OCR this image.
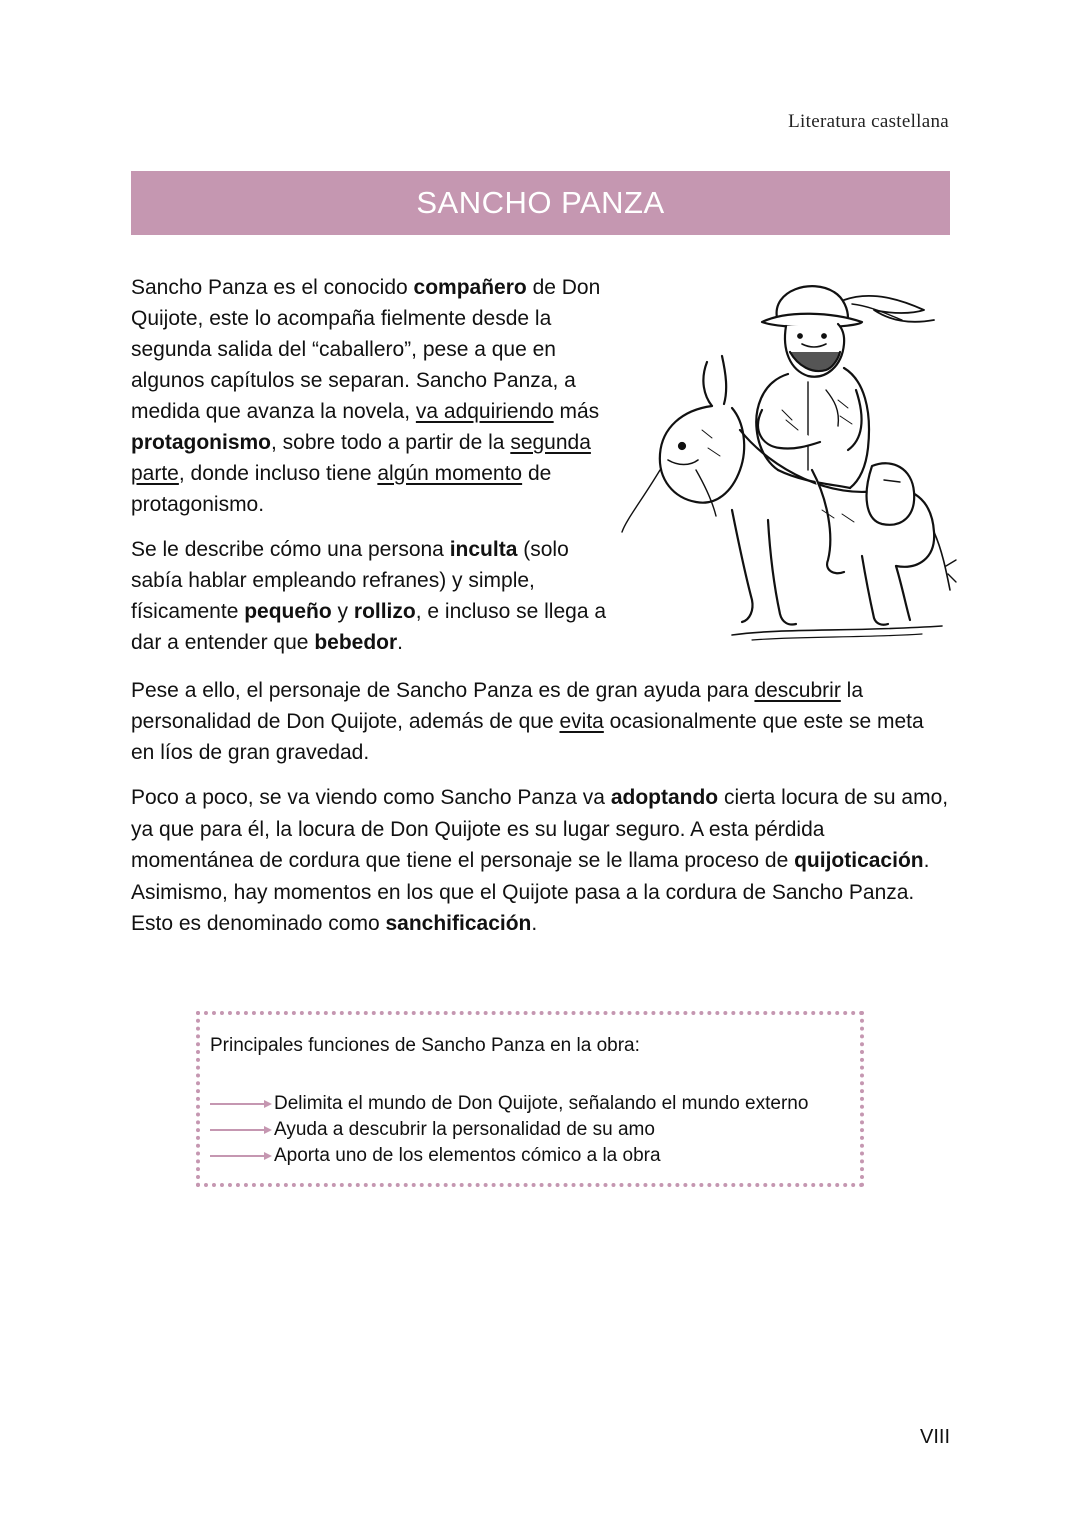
Literatura castellana
SANCHO PANZA

Sancho Panza es el conocido compañero de Don Quijote, este lo acompaña fielmente desde la segunda salida del “caballero”, pese a que en algunos capítulos se separan. Sancho Panza, a medida que avanza la novela, va adquiriendo más protagonismo, sobre todo a partir de la segunda parte, donde incluso tiene algún momento de protagonismo.

Se le describe cómo una persona inculta (solo sabía hablar empleando refranes) y simple, físicamente pequeño y rollizo, e incluso se llega a dar a entender que bebedor.

Pese a ello, el personaje de Sancho Panza es de gran ayuda para descubrir la personalidad de Don Quijote, además de que evita ocasionalmente que este se meta en líos de gran gravedad.

Poco a poco, se va viendo como Sancho Panza va adoptando cierta locura de su amo, ya que para él, la locura de Don Quijote es su lugar seguro. A esta pérdida momentánea de cordura que tiene el personaje se le llama proceso de quijoticación. Asimismo, hay momentos en los que el Quijote pasa a la cordura de Sancho Panza. Esto es denominado como sanchificación.

Principales funciones de Sancho Panza en la obra:

Delimita el mundo de Don Quijote, señalando el mundo externo
Ayuda a descubrir la personalidad de su amo
Aporta uno de los elementos cómico a la obra
VIII
